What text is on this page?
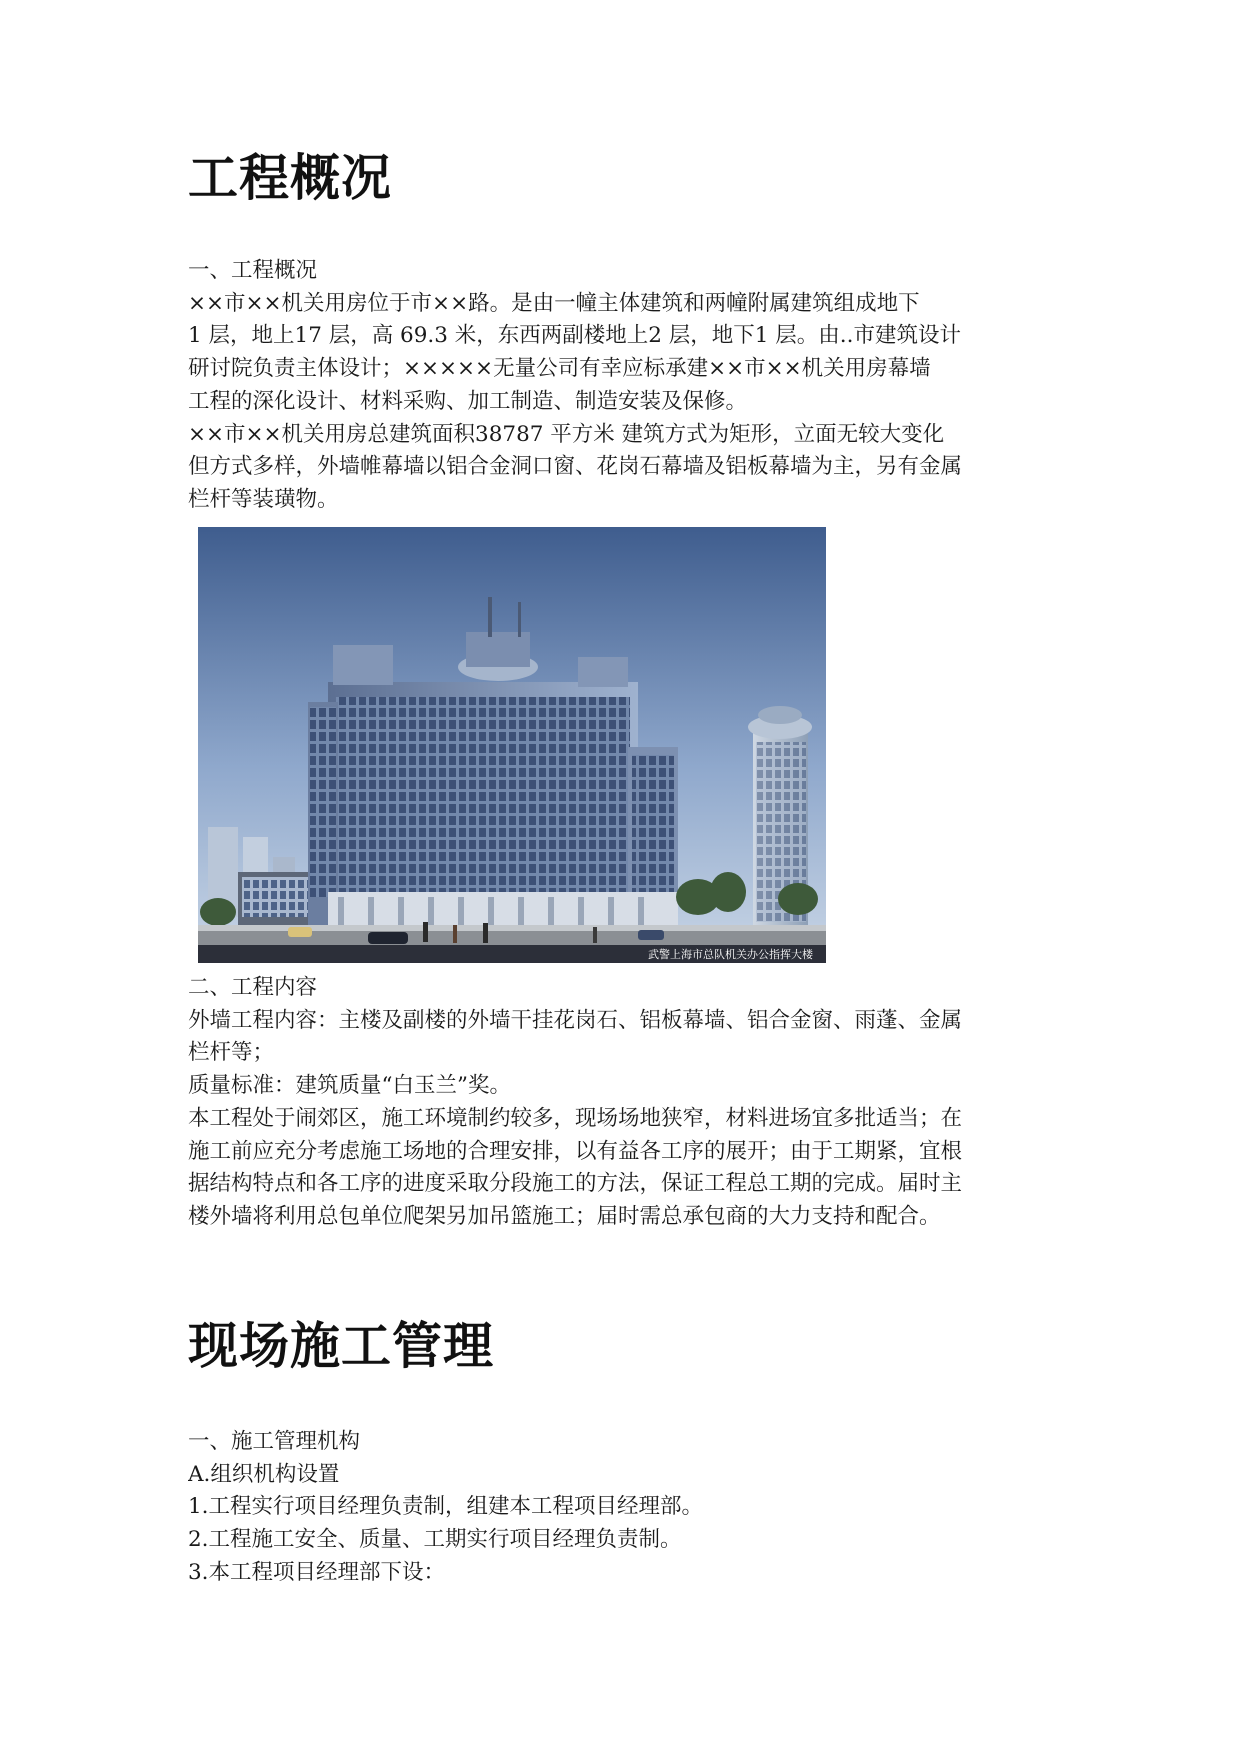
工程概况

一、工程概况

××市××机关用房位于市××路。是由一幢主体建筑和两幢附属建筑组成地下

1 层，地上17 层，高 69.3 米，东西两副楼地上2 层，地下1 层。由..市建筑设计

研讨院负责主体设计；×××××无量公司有幸应标承建××市××机关用房幕墙

工程的深化设计、材料采购、加工制造、制造安装及保修。

××市××机关用房总建筑面积38787 平方米 建筑方式为矩形，立面无较大变化

但方式多样，外墙帷幕墙以铝合金洞口窗、花岗石幕墙及铝板幕墙为主，另有金属

栏杆等装璜物。

武警上海市总队机关办公指挥大楼

二、工程内容

外墙工程内容：主楼及副楼的外墙干挂花岗石、铝板幕墙、铝合金窗、雨蓬、金属

栏杆等；

质量标准：建筑质量“白玉兰”奖。

本工程处于闹郊区，施工环境制约较多，现场场地狭窄，材料进场宜多批适当；在

施工前应充分考虑施工场地的合理安排，以有益各工序的展开；由于工期紧，宜根

据结构特点和各工序的进度采取分段施工的方法，保证工程总工期的完成。届时主

楼外墙将利用总包单位爬架另加吊篮施工；届时需总承包商的大力支持和配合。

现场施工管理

一、施工管理机构

A.组织机构设置

1.工程实行项目经理负责制，组建本工程项目经理部。

2.工程施工安全、质量、工期实行项目经理负责制。

3.本工程项目经理部下设：
